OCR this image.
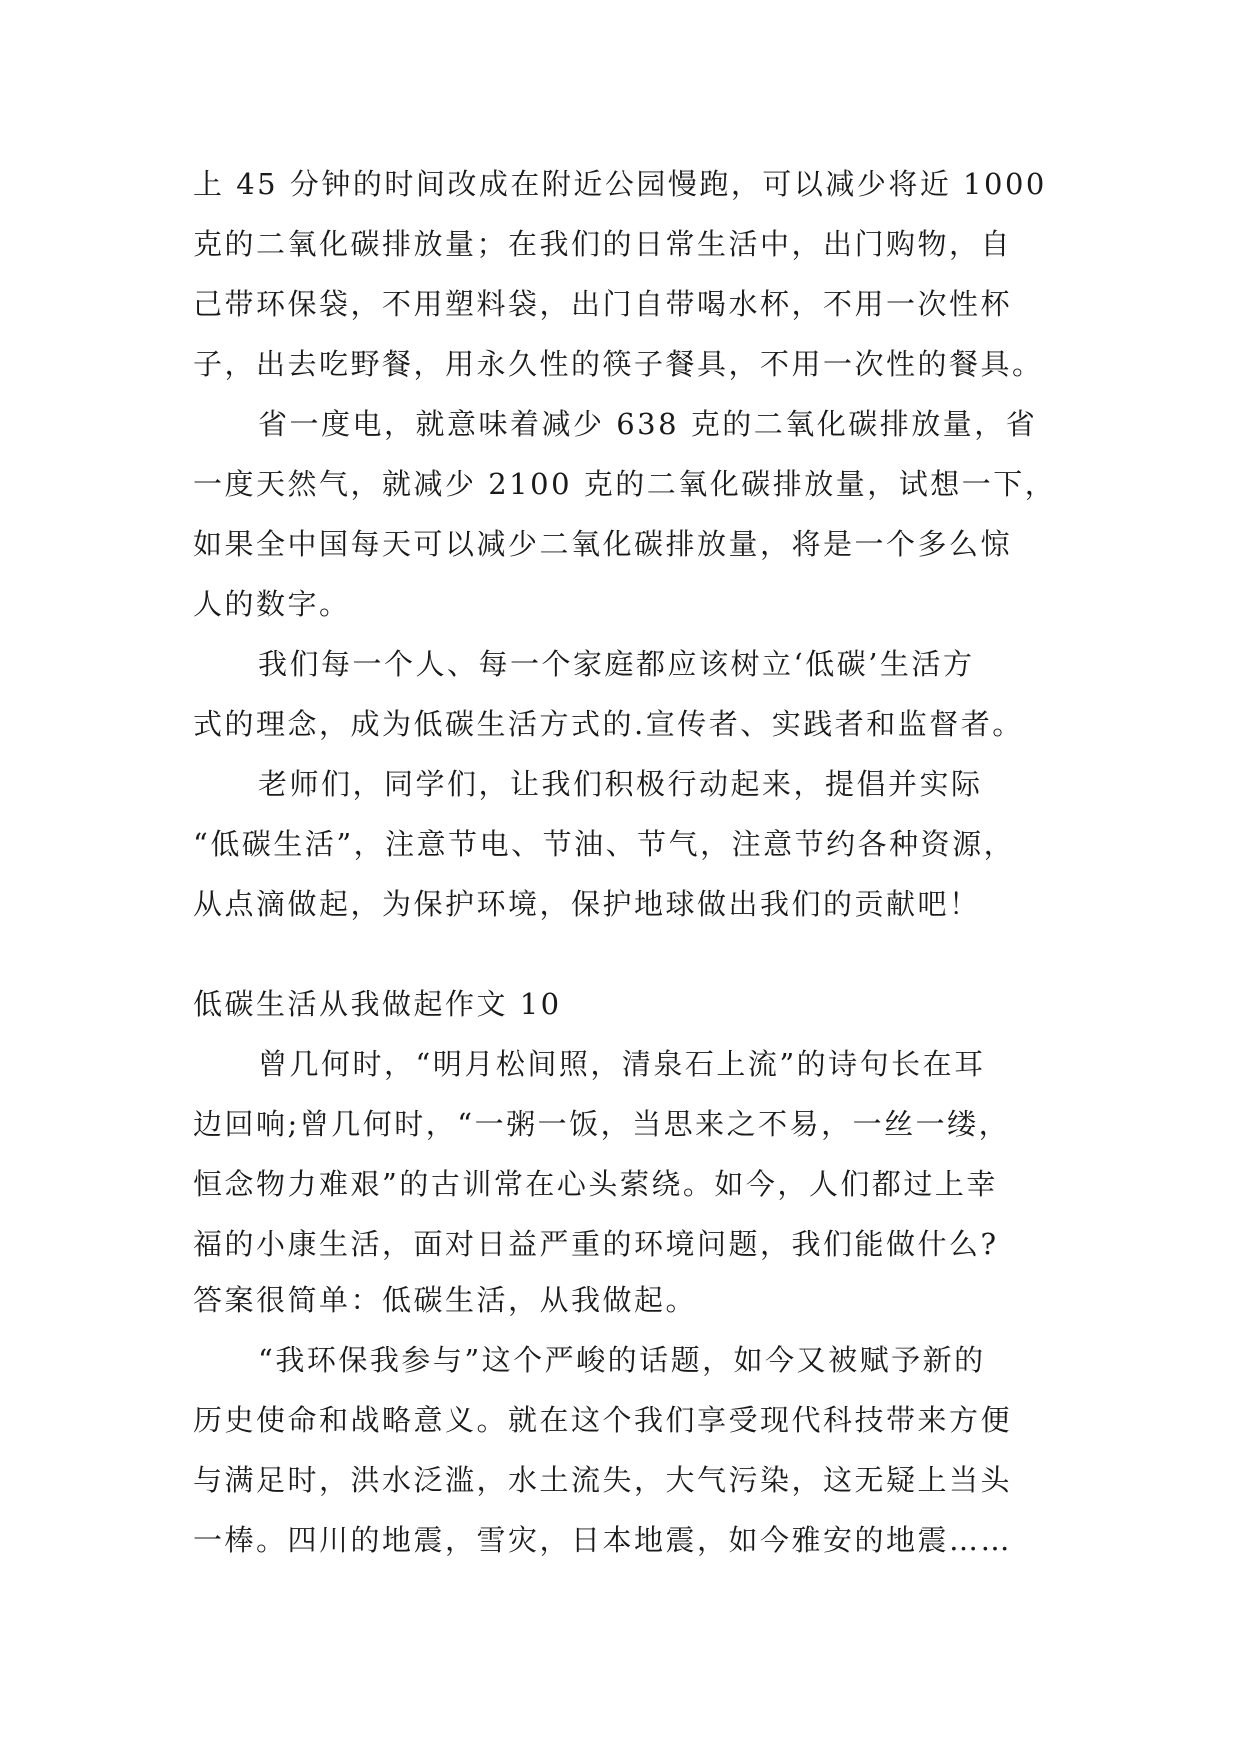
上 45 分钟的时间改成在附近公园慢跑，可以减少将近 1000

克的二氧化碳排放量；在我们的日常生活中，出门购物，自

己带环保袋，不用塑料袋，出门自带喝水杯，不用一次性杯

子，出去吃野餐，用永久性的筷子餐具，不用一次性的餐具。

省一度电，就意味着减少 638 克的二氧化碳排放量，省

一度天然气，就减少 2100 克的二氧化碳排放量，试想一下，

如果全中国每天可以减少二氧化碳排放量，将是一个多么惊

人的数字。

我们每一个人、每一个家庭都应该树立‘低碳’生活方

式的理念，成为低碳生活方式的.宣传者、实践者和监督者。

老师们，同学们，让我们积极行动起来，提倡并实际

“低碳生活”，注意节电、节油、节气，注意节约各种资源，

从点滴做起，为保护环境，保护地球做出我们的贡献吧！

低碳生活从我做起作文 10

曾几何时，“明月松间照，清泉石上流”的诗句长在耳

边回响;曾几何时，“一粥一饭，当思来之不易，一丝一缕，

恒念物力难艰”的古训常在心头萦绕。如今，人们都过上幸

福的小康生活，面对日益严重的环境问题，我们能做什么?

答案很简单：低碳生活，从我做起。

“我环保我参与”这个严峻的话题，如今又被赋予新的

历史使命和战略意义。就在这个我们享受现代科技带来方便

与满足时，洪水泛滥，水土流失，大气污染，这无疑上当头

一棒。四川的地震，雪灾，日本地震，如今雅安的地震……
